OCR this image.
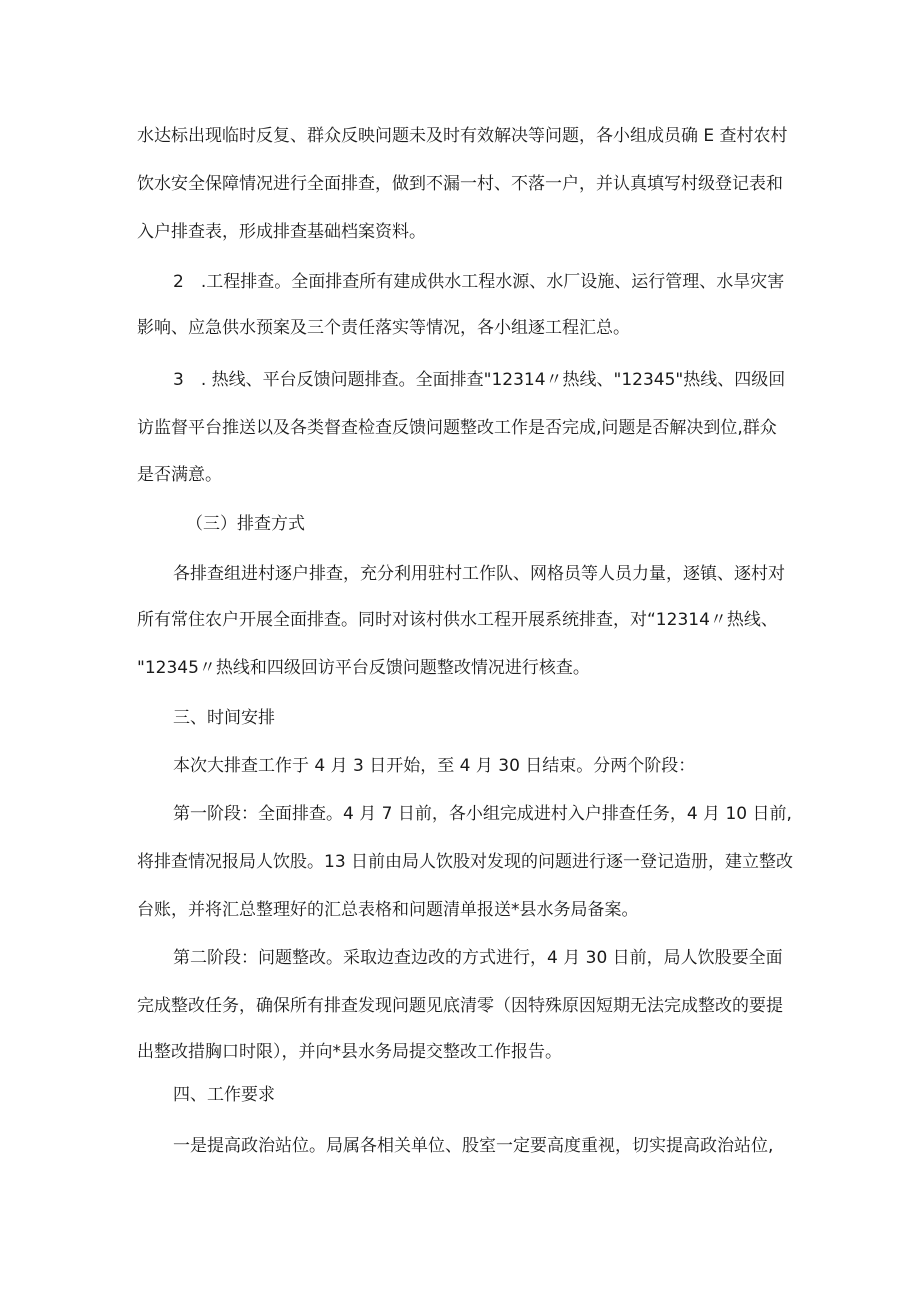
水达标出现临时反复、群众反映问题未及时有效解决等问题，各小组成员确 E 查村农村
饮水安全保障情况进行全面排查，做到不漏一村、不落一户，并认真填写村级登记表和
入户排查表，形成排查基础档案资料。
2　.工程排查。全面排查所有建成供水工程水源、水厂设施、运行管理、水旱灾害
影响、应急供水预案及三个责任落实等情况，各小组逐工程汇总。
3　. 热线、平台反馈问题排查。全面排查"12314〃热线、"12345"热线、四级回
访监督平台推送以及各类督查检查反馈问题整改工作是否完成,问题是否解决到位,群众
是否满意。
（三）排查方式
各排查组进村逐户排查，充分利用驻村工作队、网格员等人员力量，逐镇、逐村对
所有常住农户开展全面排查。同时对该村供水工程开展系统排查，对“12314〃热线、
"12345〃热线和四级回访平台反馈问题整改情况进行核查。
三、时间安排
本次大排查工作于 4 月 3 日开始，至 4 月 30 日结束。分两个阶段：
第一阶段：全面排查。4 月 7 日前，各小组完成进村入户排查任务，4 月 10 日前,
将排查情况报局人饮股。13 日前由局人饮股对发现的问题进行逐一登记造册，建立整改
台账，并将汇总整理好的汇总表格和问题清单报送*县水务局备案。
第二阶段：问题整改。采取边查边改的方式进行，4 月 30 日前，局人饮股要全面
完成整改任务，确保所有排查发现问题见底清零（因特殊原因短期无法完成整改的要提
出整改措胸口时限），并向*县水务局提交整改工作报告。
四、工作要求
一是提高政治站位。局属各相关单位、股室一定要高度重视，切实提高政治站位,
